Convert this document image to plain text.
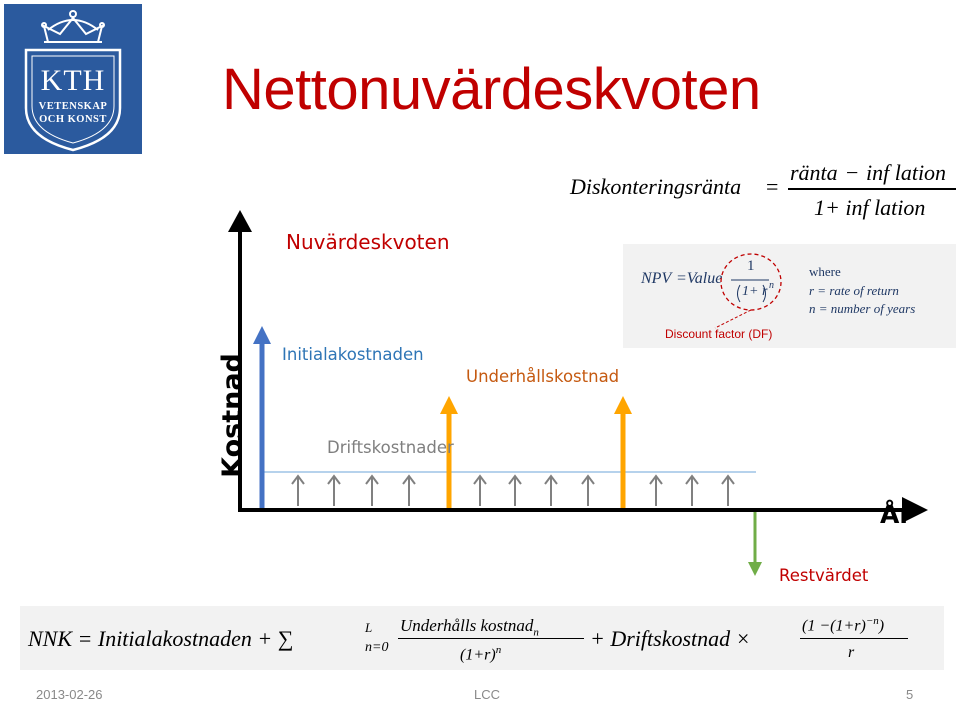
KTH
VETENSKAP
OCH KONST	Nettonuvärdeskvoten
Diskonteringsränta =
ränta − inf lation
1+ inf lation
Nuvärdeskvoten
NPV =Value
1
1+ r n
where
r = rate of return
n = number of years
Discount factor (DF)
Kostnad
År
Initialakostnaden
Underhållskostnad
Driftskostnader
Restvärdet
NNK = Initialakostnaden + ∑	L
n=0
Underhålls kostnad$_n$
$(1+r)^n$	+ Driftskostnad ×
$(1 -(1+r)^{-n})$
r
2013-02-26	LCC	5
